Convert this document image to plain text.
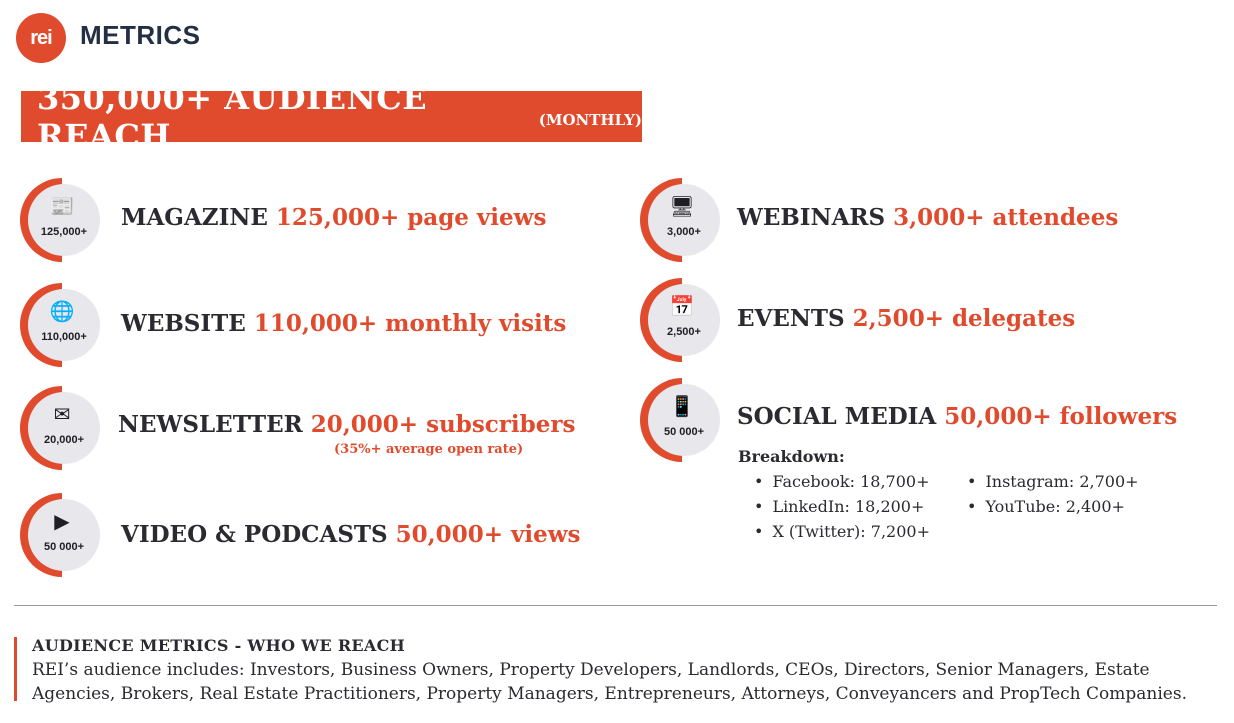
rei	METRICS
350,000+ AUDIENCE REACH	(MONTHLY)
📰
125,000+
MAGAZINE 125,000+ page views
🌐
110,000+	WEBSITE 110,000+ monthly visits
✉
20,000+
NEWSLETTER 20,000+ subscribers
(35%+ average open rate)
▶
50 000+	VIDEO & PODCASTS 50,000+ views
🖥
3,000+
WEBINARS 3,000+ attendees
📅
2,500+	EVENTS 2,500+ delegates
📱
50 000+
SOCIAL MEDIA 50,000+ followers
Breakdown:
• Facebook: 18,700+
• LinkedIn: 18,200+
• X (Twitter): 7,200+
• Instagram: 2,700+
• YouTube: 2,400+
AUDIENCE METRICS - WHO WE REACH
REI’s audience includes: Investors, Business Owners, Property Developers, Landlords, CEOs, Directors, Senior Managers, Estate Agencies, Brokers, Real Estate Practitioners, Property Managers, Entrepreneurs, Attorneys, Conveyancers and PropTech Companies.
